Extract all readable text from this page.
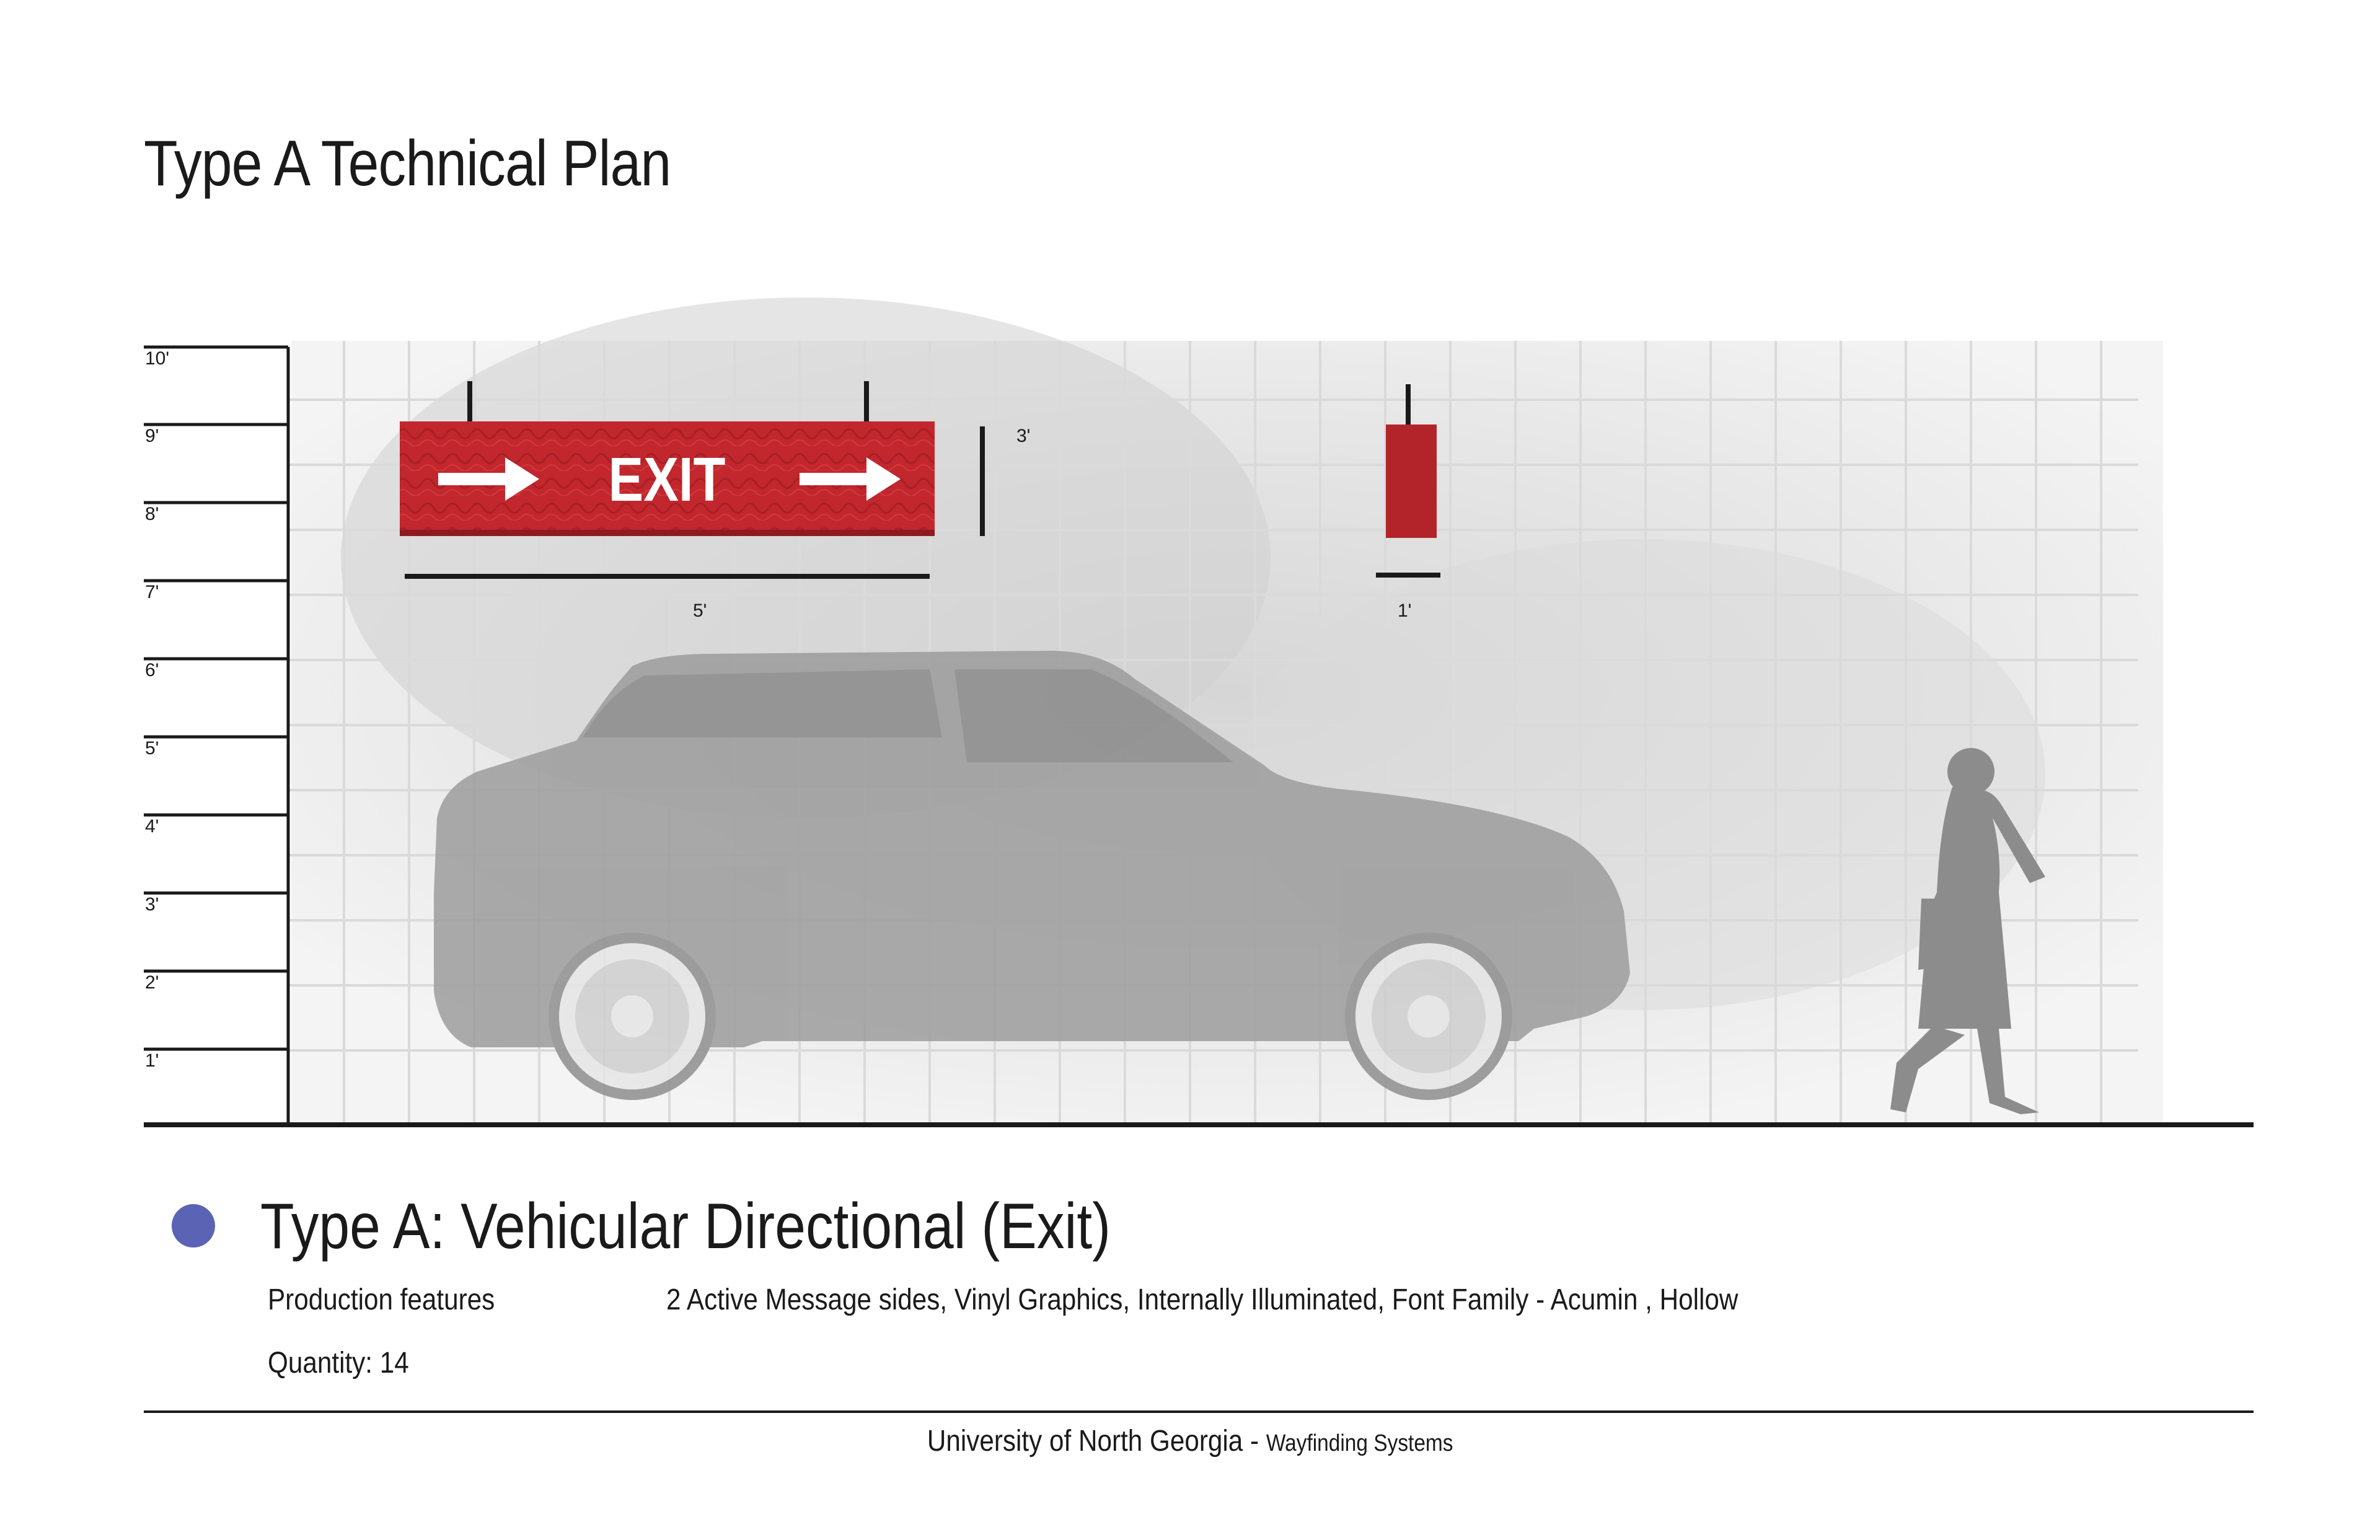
Type A Technical Plan
10'
9'
8'
7'
6'
5'
4'
3'
2'
1'
EXIT
5'
3'
1'
Type A: Vehicular Directional (Exit)
Production features	2 Active Message sides, Vinyl Graphics, Internally Illuminated, Font Family - Acumin , Hollow
Quantity: 14
University of North Georgia - Wayfinding Systems
